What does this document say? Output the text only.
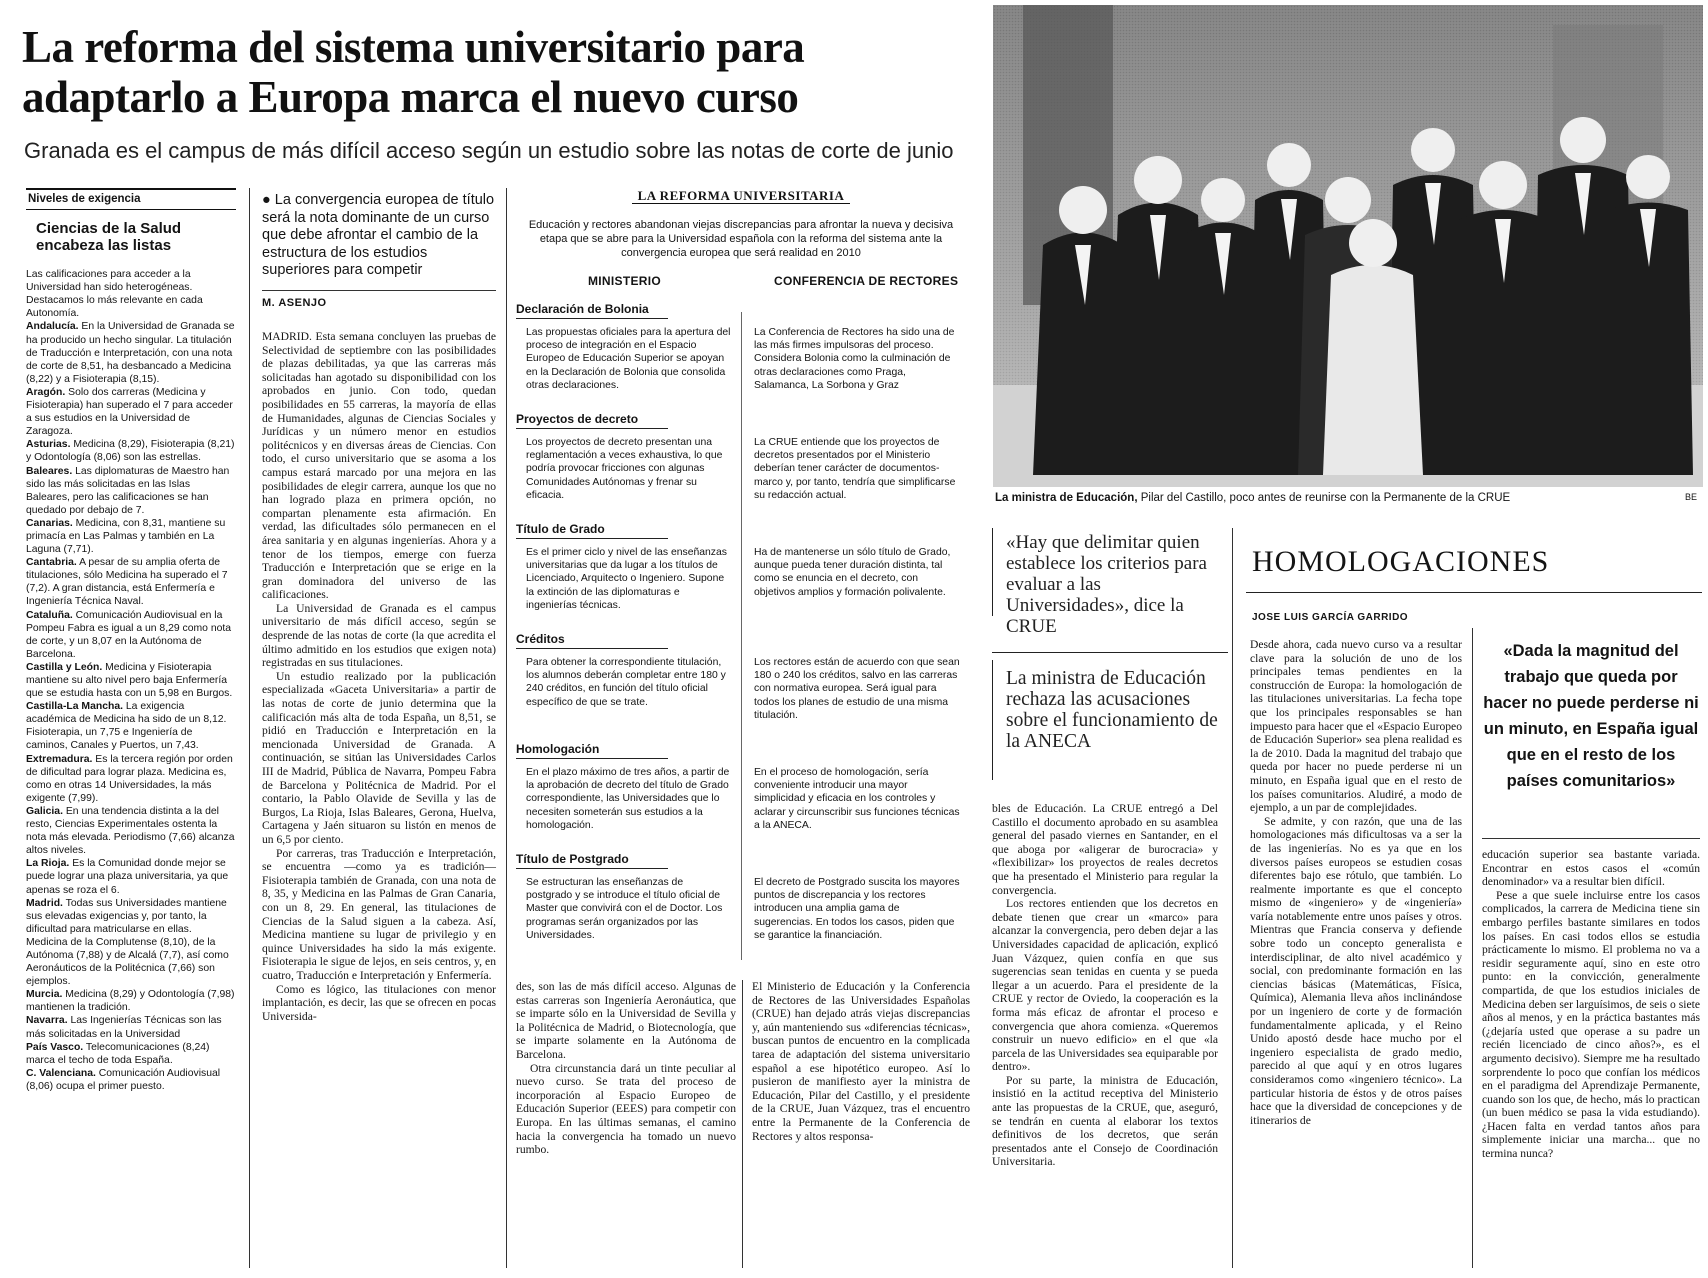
La reforma del sistema universitario para adaptarlo a Europa marca el nuevo curso
Granada es el campus de más difícil acceso según un estudio sobre las notas de corte de junio
Niveles de exigencia
Ciencias de la Salud encabeza las listas

Las calificaciones para acceder a la Universidad han sido heterogéneas. Destacamos lo más relevante en cada Autonomía.

Andalucía. En la Universidad de Granada se ha producido un hecho singular. La titulación de Traducción e Interpretación, con una nota de corte de 8,51, ha desbancado a Medicina (8,22) y a Fisioterapia (8,15).

Aragón. Solo dos carreras (Medicina y Fisioterapia) han superado el 7 para acceder a sus estudios en la Universidad de Zaragoza.

Asturias. Medicina (8,29), Fisioterapia (8,21) y Odontología (8,06) son las estrellas.

Baleares. Las diplomaturas de Maestro han sido las más solicitadas en las Islas Baleares, pero las calificaciones se han quedado por debajo de 7.

Canarias. Medicina, con 8,31, mantiene su primacía en Las Palmas y también en La Laguna (7,71).

Cantabria. A pesar de su amplia oferta de titulaciones, sólo Medicina ha superado el 7 (7,2). A gran distancia, está Enfermería e Ingeniería Técnica Naval.

Cataluña. Comunicación Audiovisual en la Pompeu Fabra es igual a un 8,29 como nota de corte, y un 8,07 en la Autónoma de Barcelona.

Castilla y León. Medicina y Fisioterapia mantiene su alto nivel pero baja Enfermería que se estudia hasta con un 5,98 en Burgos.

Castilla-La Mancha. La exigencia académica de Medicina ha sido de un 8,12. Fisioterapia, un 7,75 e Ingeniería de caminos, Canales y Puertos, un 7,43.

Extremadura. Es la tercera región por orden de dificultad para lograr plaza. Medicina es, como en otras 14 Universidades, la más exigente (7,99).

Galicia. En una tendencia distinta a la del resto, Ciencias Experimentales ostenta la nota más elevada. Periodismo (7,66) alcanza altos niveles.

La Rioja. Es la Comunidad donde mejor se puede lograr una plaza universitaria, ya que apenas se roza el 6.

Madrid. Todas sus Universidades mantiene sus elevadas exigencias y, por tanto, la dificultad para matricularse en ellas. Medicina de la Complutense (8,10), de la Autónoma (7,88) y de Alcalá (7,7), así como Aeronáuticos de la Politécnica (7,66) son ejemplos.

Murcia. Medicina (8,29) y Odontología (7,98) mantienen la tradición.

Navarra. Las Ingenierías Técnicas son las más solicitadas en la Universidad

País Vasco. Telecomunicaciones (8,24) marca el techo de toda España.

C. Valenciana. Comunicación Audiovisual (8,06) ocupa el primer puesto.

● La convergencia europea de título será la nota dominante de un curso que debe afrontar el cambio de la estructura de los estudios superiores para competir
M. ASENJO

MADRID. Esta semana concluyen las pruebas de Selectividad de septiembre con las posibilidades de plazas debilitadas, ya que las carreras más solicitadas han agotado su disponibilidad con los aprobados en junio. Con todo, quedan posibilidades en 55 carreras, la mayoría de ellas de Humanidades, algunas de Ciencias Sociales y Jurídicas y un número menor en estudios politécnicos y en diversas áreas de Ciencias. Con todo, el curso universitario que se asoma a los campus estará marcado por una mejora en las posibilidades de elegir carrera, aunque los que no han logrado plaza en primera opción, no compartan plenamente esta afirmación. En verdad, las dificultades sólo permanecen en el área sanitaria y en algunas ingenierías. Ahora y a tenor de los tiempos, emerge con fuerza Traducción e Interpretación que se erige en la gran dominadora del universo de las calificaciones.

La Universidad de Granada es el campus universitario de más difícil acceso, según se desprende de las notas de corte (la que acredita el último admitido en los estudios que exigen nota) registradas en sus titulaciones.

Un estudio realizado por la publicación especializada «Gaceta Universitaria» a partir de las notas de corte de junio determina que la calificación más alta de toda España, un 8,51, se pidió en Traducción e Interpretación en la mencionada Universidad de Granada. A continuación, se sitúan las Universidades Carlos III de Madrid, Pública de Navarra, Pompeu Fabra de Barcelona y Politécnica de Madrid. Por el contario, la Pablo Olavide de Sevilla y las de Burgos, La Rioja, Islas Baleares, Gerona, Huelva, Cartagena y Jaén situaron su listón en menos de un 6,5 por ciento.

Por carreras, tras Traducción e Interpretación, se encuentra —como ya es tradición— Fisioterapia también de Granada, con una nota de 8, 35, y Medicina en las Palmas de Gran Canaria, con un 8, 29. En general, las titulaciones de Ciencias de la Salud siguen a la cabeza. Así, Medicina mantiene su lugar de privilegio y en quince Universidades ha sido la más exigente. Fisioterapia le sigue de lejos, en seis centros, y, en cuatro, Traducción e Interpretación y Enfermería.

Como es lógico, las titulaciones con menor implantación, es decir, las que se ofrecen en pocas Universida-

LA REFORMA UNIVERSITARIA
Educación y rectores abandonan viejas discrepancias para afrontar la nueva y decisiva etapa que se abre para la Universidad española con la reforma del sistema ante la convergencia europea que será realidad en 2010
MINISTERIO	CONFERENCIA DE RECTORES
Declaración de Bolonia
Las propuestas oficiales para la apertura del proceso de integración en el Espacio Europeo de Educación Superior se apoyan en la Declaración de Bolonia que consolida otras declaraciones.
La Conferencia de Rectores ha sido una de las más firmes impulsoras del proceso. Considera Bolonia como la culminación de otras declaraciones como Praga, Salamanca, La Sorbona y Graz
Proyectos de decreto
Los proyectos de decreto presentan una reglamentación a veces exhaustiva, lo que podría provocar fricciones con algunas Comunidades Autónomas y frenar su eficacia.
La CRUE entiende que los proyectos de decretos presentados por el Ministerio deberían tener carácter de documentos-marco y, por tanto, tendría que simplificarse su redacción actual.
Título de Grado
Es el primer ciclo y nivel de las enseñanzas universitarias que da lugar a los títulos de Licenciado, Arquitecto o Ingeniero. Supone la extinción de las diplomaturas e ingenierías técnicas.
Ha de mantenerse un sólo título de Grado, aunque pueda tener duración distinta, tal como se enuncia en el decreto, con objetivos amplios y formación polivalente.
Créditos
Para obtener la correspondiente titulación, los alumnos deberán completar entre 180 y 240 créditos, en función del título oficial específico de que se trate.
Los rectores están de acuerdo con que sean 180 o 240 los créditos, salvo en las carreras con normativa europea. Será igual para todos los planes de estudio de una misma titulación.
Homologación
En el plazo máximo de tres años, a partir de la aprobación de decreto del título de Grado correspondiente, las Universidades que lo necesiten someterán sus estudios a la homologación.
En el proceso de homologación, sería conveniente introducir una mayor simplicidad y eficacia en los controles y aclarar y circunscribir sus funciones técnicas a la ANECA.
Título de Postgrado
Se estructuran las enseñanzas de postgrado y se introduce el título oficial de Master que convivirá con el de Doctor. Los programas serán organizados por las Universidades.
El decreto de Postgrado suscita los mayores puntos de discrepancia y los rectores introducen una amplia gama de sugerencias. En todos los casos, piden que se garantice la financiación.

des, son las de más difícil acceso. Algunas de estas carreras son Ingeniería Aeronáutica, que se imparte sólo en la Universidad de Sevilla y la Politécnica de Madrid, o Biotecnología, que se imparte solamente en la Autónoma de Barcelona.

Otra circunstancia dará un tinte peculiar al nuevo curso. Se trata del proceso de incorporación al Espacio Europeo de Educación Superior (EEES) para competir con Europa. En las últimas semanas, el camino hacia la convergencia ha tomado un nuevo rumbo.

El Ministerio de Educación y la Conferencia de Rectores de las Universidades Españolas (CRUE) han dejado atrás viejas discrepancias y, aún manteniendo sus «diferencias técnicas», buscan puntos de encuentro en la complicada tarea de adaptación del sistema universitario español a ese hipotético europeo. Así lo pusieron de manifiesto ayer la ministra de Educación, Pilar del Castillo, y el presidente de la CRUE, Juan Vázquez, tras el encuentro entre la Permanente de la Conferencia de Rectores y altos responsa-

La ministra de Educación, Pilar del Castillo, poco antes de reunirse con la Permanente de la CRUE	BE
«Hay que delimitar quien establece los criterios para evaluar a las Universidades», dice la CRUE
La ministra de Educación rechaza las acusaciones sobre el funcionamiento de la ANECA

bles de Educación. La CRUE entregó a Del Castillo el documento aprobado en su asamblea general del pasado viernes en Santander, en el que aboga por «aligerar de burocracia» y «flexibilizar» los proyectos de reales decretos que ha presentado el Ministerio para regular la convergencia.

Los rectores entienden que los decretos en debate tienen que crear un «marco» para alcanzar la convergencia, pero deben dejar a las Universidades capacidad de aplicación, explicó Juan Vázquez, quien confía en que sus sugerencias sean tenidas en cuenta y se pueda llegar a un acuerdo. Para el presidente de la CRUE y rector de Oviedo, la cooperación es la forma más eficaz de afrontar el proceso e convergencia que ahora comienza. «Queremos construir un nuevo edificio» en el que «la parcela de las Universidades sea equiparable por dentro».

Por su parte, la ministra de Educación, insistió en la actitud receptiva del Ministerio ante las propuestas de la CRUE, que, aseguró, se tendrán en cuenta al elaborar los textos definitivos de los decretos, que serán presentados ante el Consejo de Coordinación Universitaria.

HOMOLOGACIONES
JOSE LUIS GARCÍA GARRIDO

Desde ahora, cada nuevo curso va a resultar clave para la solución de uno de los principales temas pendientes en la construcción de Europa: la homologación de las titulaciones universitarias. La fecha tope que los principales responsables se han impuesto para hacer que el «Espacio Europeo de Educación Superior» sea plena realidad es la de 2010. Dada la magnitud del trabajo que queda por hacer no puede perderse ni un minuto, en España igual que en el resto de los países comunitarios. Aludiré, a modo de ejemplo, a un par de complejidades.

Se admite, y con razón, que una de las homologaciones más dificultosas va a ser la de las ingenierías. No es ya que en los diversos países europeos se estudien cosas diferentes bajo ese rótulo, que también. Lo realmente importante es que el concepto mismo de «ingeniero» y de «ingeniería» varía notablemente entre unos países y otros. Mientras que Francia conserva y defiende sobre todo un concepto generalista e interdisciplinar, de alto nivel académico y social, con predominante formación en las ciencias básicas (Matemáticas, Física, Química), Alemania lleva años inclinándose por un ingeniero de corte y de formación fundamentalmente aplicada, y el Reino Unido apostó desde hace mucho por el ingeniero especialista de grado medio, parecido al que aquí y en otros lugares consideramos como «ingeniero técnico». La particular historia de éstos y de otros países hace que la diversidad de concepciones y de itinerarios de

«Dada la magnitud del trabajo que queda por hacer no puede perderse ni un minuto, en España igual que en el resto de los países comunitarios»

educación superior sea bastante variada. Encontrar en estos casos el «común denominador» va a resultar bien difícil.

Pese a que suele incluirse entre los casos complicados, la carrera de Medicina tiene sin embargo perfiles bastante similares en todos los países. En casi todos ellos se estudia prácticamente lo mismo. El problema no va a residir seguramente aquí, sino en este otro punto: en la convicción, generalmente compartida, de que los estudios iniciales de Medicina deben ser larguísimos, de seis o siete años al menos, y en la práctica bastantes más (¿dejaría usted que operase a su padre un recién licenciado de cinco años?», es el argumento decisivo). Siempre me ha resultado sorprendente lo poco que confían los médicos en el paradigma del Aprendizaje Permanente, cuando son los que, de hecho, más lo practican (un buen médico se pasa la vida estudiando). ¿Hacen falta en verdad tantos años para simplemente iniciar una marcha... que no termina nunca?
